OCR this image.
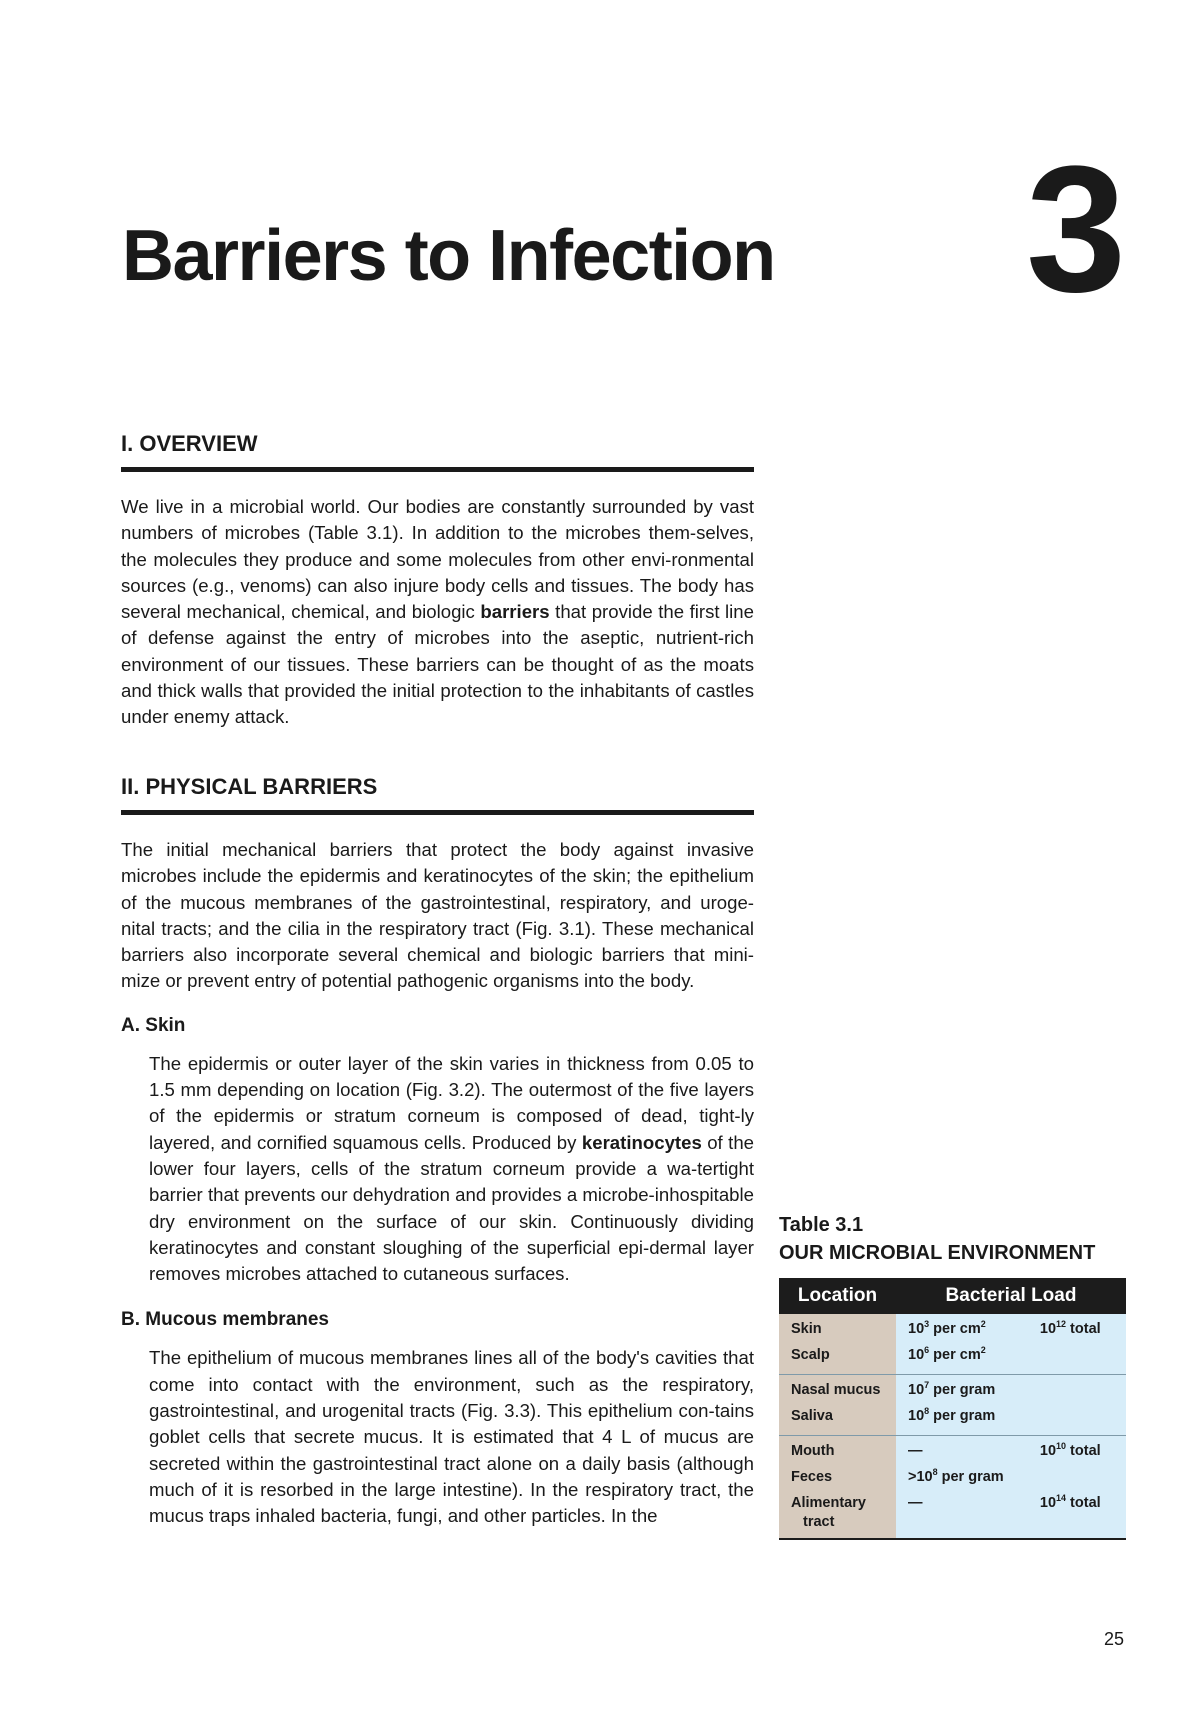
Barriers to Infection 3
I. OVERVIEW

We live in a microbial world. Our bodies are constantly surrounded by vast numbers of microbes (Table 3.1). In addition to the microbes them-selves, the molecules they produce and some molecules from other envi-ronmental sources (e.g., venoms) can also injure body cells and tissues. The body has several mechanical, chemical, and biologic barriers that provide the first line of defense against the entry of microbes into the aseptic, nutrient-rich environment of our tissues. These barriers can be thought of as the moats and thick walls that provided the initial protection to the inhabitants of castles under enemy attack.

II. PHYSICAL BARRIERS

The initial mechanical barriers that protect the body against invasive microbes include the epidermis and keratinocytes of the skin; the epithelium of the mucous membranes of the gastrointestinal, respiratory, and uroge-nital tracts; and the cilia in the respiratory tract (Fig. 3.1). These mechanical barriers also incorporate several chemical and biologic barriers that mini-mize or prevent entry of potential pathogenic organisms into the body.

A. Skin

The epidermis or outer layer of the skin varies in thickness from 0.05 to 1.5 mm depending on location (Fig. 3.2). The outermost of the five layers of the epidermis or stratum corneum is composed of dead, tight-ly layered, and cornified squamous cells. Produced by keratinocytes of the lower four layers, cells of the stratum corneum provide a wa-tertight barrier that prevents our dehydration and provides a microbe-inhospitable dry environment on the surface of our skin. Continuously dividing keratinocytes and constant sloughing of the superficial epi-dermal layer removes microbes attached to cutaneous surfaces.

B. Mucous membranes

The epithelium of mucous membranes lines all of the body's cavities that come into contact with the environment, such as the respiratory, gastrointestinal, and urogenital tracts (Fig. 3.3). This epithelium con-tains goblet cells that secrete mucus. It is estimated that 4 L of mucus are secreted within the gastrointestinal tract alone on a daily basis (although much of it is resorbed in the large intestine). In the respiratory tract, the mucus traps inhaled bacteria, fungi, and other particles. In the

Table 3.1
OUR MICROBIAL ENVIRONMENT
Location	Bacterial Load	
Skin	$10^3$ per $cm^2$	$10^{12}$ total
Scalp	$10^6$ per $cm^2$	
Nasal mucus	$10^7$ per gram	
Saliva	$10^8$ per gram	
Mouth	—	$10^{10}$ total
Feces	$>10^8$ per gram	
Alimentary
tract	—	$10^{14}$ total
25
